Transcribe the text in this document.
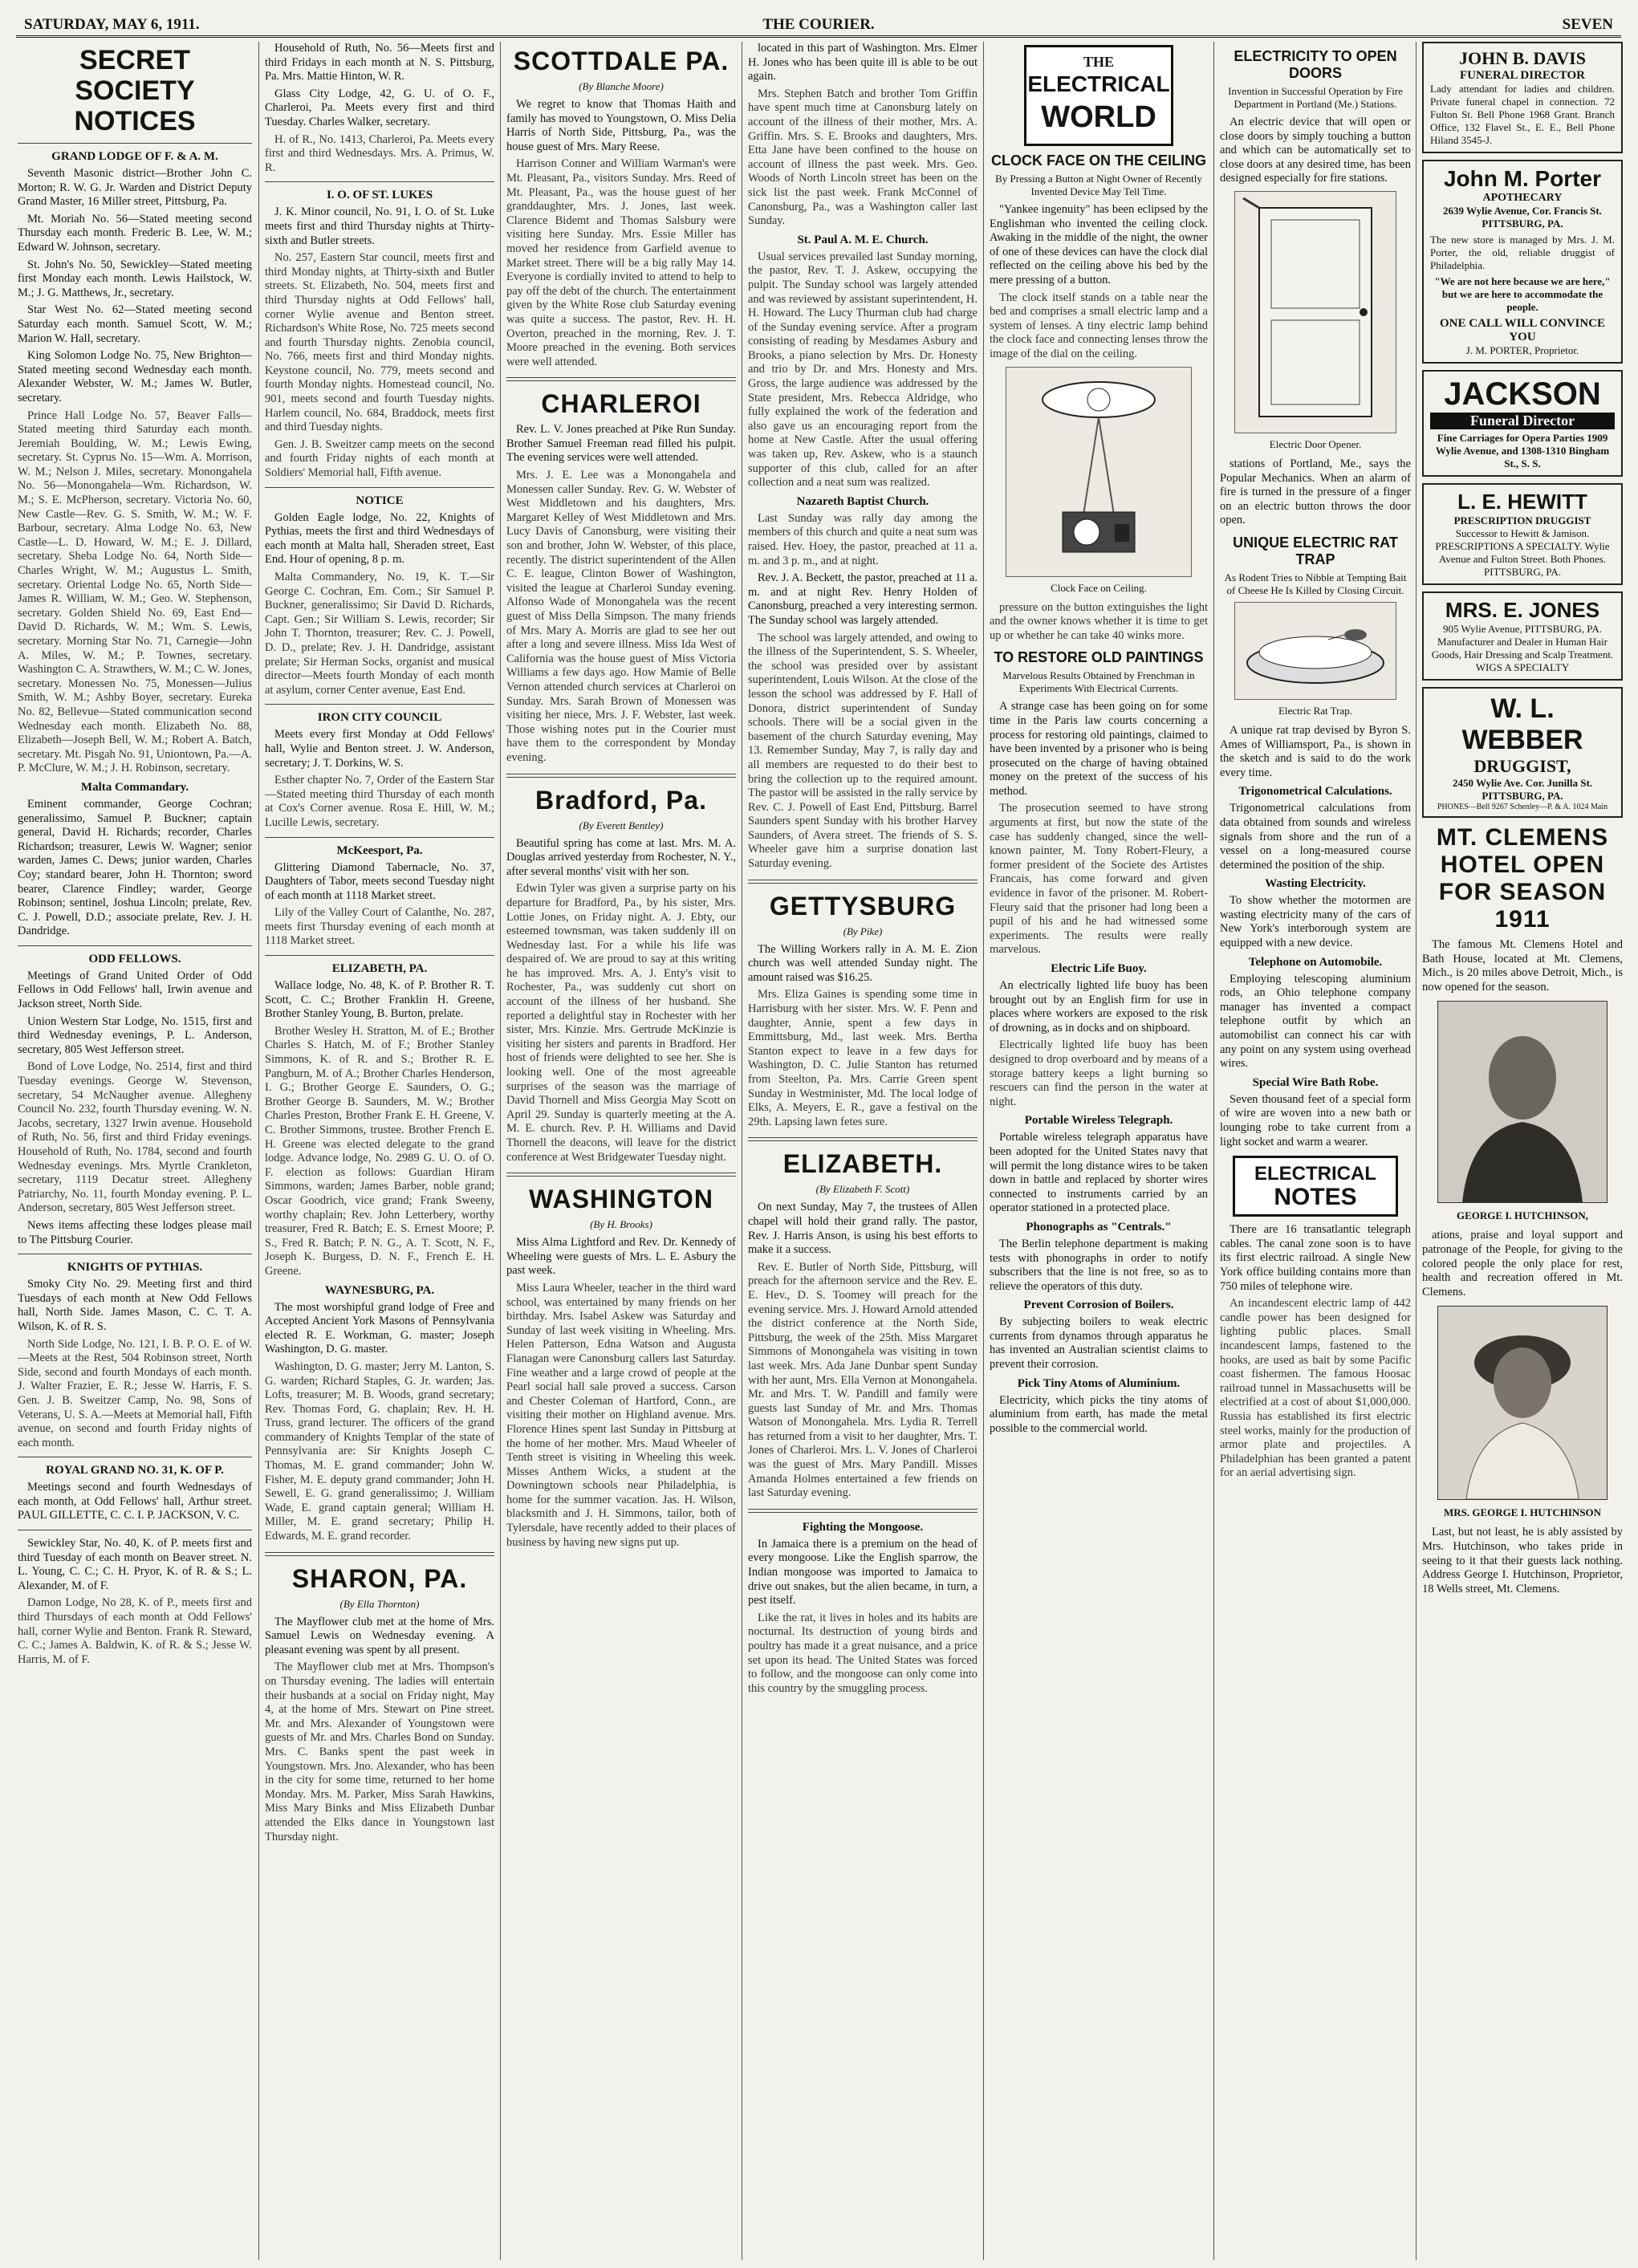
SATURDAY, MAY 6, 1911.	THE COURIER.	SEVEN
SECRET SOCIETY NOTICES
GRAND LODGE OF F. & A. M.

Seventh Masonic district—Brother John C. Morton; R. W. G. Jr. Warden and District Deputy Grand Master, 16 Miller street, Pittsburg, Pa.

Mt. Moriah No. 56—Stated meeting second Thursday each month. Frederic B. Lee, W. M.; Edward W. Johnson, secretary.

St. John's No. 50, Sewickley—Stated meeting first Monday each month. Lewis Hailstock, W. M.; J. G. Matthews, Jr., secretary.

Star West No. 62—Stated meeting second Saturday each month. Samuel Scott, W. M.; Marion W. Hall, secretary.

King Solomon Lodge No. 75, New Brighton—Stated meeting second Wednesday each month. Alexander Webster, W. M.; James W. Butler, secretary.

Prince Hall Lodge No. 57, Beaver Falls—Stated meeting third Saturday each month. Jeremiah Boulding, W. M.; Lewis Ewing, secretary. St. Cyprus No. 15—Wm. A. Morrison, W. M.; Nelson J. Miles, secretary. Monongahela No. 56—Monongahela—Wm. Richardson, W. M.; S. E. McPherson, secretary. Victoria No. 60, New Castle—Rev. G. S. Smith, W. M.; W. F. Barbour, secretary. Alma Lodge No. 63, New Castle—L. D. Howard, W. M.; E. J. Dillard, secretary. Sheba Lodge No. 64, North Side—Charles Wright, W. M.; Augustus L. Smith, secretary. Oriental Lodge No. 65, North Side—James R. William, W. M.; Geo. W. Stephenson, secretary. Golden Shield No. 69, East End—David D. Richards, W. M.; Wm. S. Lewis, secretary. Morning Star No. 71, Carnegie—John A. Miles, W. M.; P. Townes, secretary. Washington C. A. Strawthers, W. M.; C. W. Jones, secretary. Monessen No. 75, Monessen—Julius Smith, W. M.; Ashby Boyer, secretary. Eureka No. 82, Bellevue—Stated communication second Wednesday each month. Elizabeth No. 88, Elizabeth—Joseph Bell, W. M.; Robert A. Batch, secretary. Mt. Pisgah No. 91, Uniontown, Pa.—A. P. McClure, W. M.; J. H. Robinson, secretary.

Malta Commandary.

Eminent commander, George Cochran; generalissimo, Samuel P. Buckner; captain general, David H. Richards; recorder, Charles Richardson; treasurer, Lewis W. Wagner; senior warden, James C. Dews; junior warden, Charles Coy; standard bearer, John H. Thornton; sword bearer, Clarence Findley; warder, George Robinson; sentinel, Joshua Lincoln; prelate, Rev. C. J. Powell, D.D.; associate prelate, Rev. J. H. Dandridge.

ODD FELLOWS.

Meetings of Grand United Order of Odd Fellows in Odd Fellows' hall, Irwin avenue and Jackson street, North Side.

Union Western Star Lodge, No. 1515, first and third Wednesday evenings, P. L. Anderson, secretary, 805 West Jefferson street.

Bond of Love Lodge, No. 2514, first and third Tuesday evenings. George W. Stevenson, secretary, 54 McNaugher avenue. Allegheny Council No. 232, fourth Thursday evening. W. N. Jacobs, secretary, 1327 Irwin avenue. Household of Ruth, No. 56, first and third Friday evenings. Household of Ruth, No. 1784, second and fourth Wednesday evenings. Mrs. Myrtle Crankleton, secretary, 1119 Decatur street. Allegheny Patriarchy, No. 11, fourth Monday evening. P. L. Anderson, secretary, 805 West Jefferson street.

News items affecting these lodges please mail to The Pittsburg Courier.

KNIGHTS OF PYTHIAS.

Smoky City No. 29. Meeting first and third Tuesdays of each month at New Odd Fellows hall, North Side. James Mason, C. C. T. A. Wilson, K. of R. S.

North Side Lodge, No. 121, I. B. P. O. E. of W.—Meets at the Rest, 504 Robinson street, North Side, second and fourth Mondays of each month. J. Walter Frazier, E. R.; Jesse W. Harris, F. S. Gen. J. B. Sweitzer Camp, No. 98, Sons of Veterans, U. S. A.—Meets at Memorial hall, Fifth avenue, on second and fourth Friday nights of each month.

ROYAL GRAND NO. 31, K. OF P.

Meetings second and fourth Wednesdays of each month, at Odd Fellows' hall, Arthur street. PAUL GILLETTE, C. C. I. P. JACKSON, V. C.

Sewickley Star, No. 40, K. of P. meets first and third Tuesday of each month on Beaver street. N. L. Young, C. C.; C. H. Pryor, K. of R. & S.; L. Alexander, M. of F.

Damon Lodge, No 28, K. of P., meets first and third Thursdays of each month at Odd Fellows' hall, corner Wylie and Benton. Frank R. Steward, C. C.; James A. Baldwin, K. of R. & S.; Jesse W. Harris, M. of F.

Household of Ruth, No. 56—Meets first and third Fridays in each month at N. S. Pittsburg, Pa. Mrs. Mattie Hinton, W. R.

Glass City Lodge, 42, G. U. of O. F., Charleroi, Pa. Meets every first and third Tuesday. Charles Walker, secretary.

H. of R., No. 1413, Charleroi, Pa. Meets every first and third Wednesdays. Mrs. A. Primus, W. R.

I. O. OF ST. LUKES

J. K. Minor council, No. 91, I. O. of St. Luke meets first and third Thursday nights at Thirty-sixth and Butler streets.

No. 257, Eastern Star council, meets first and third Monday nights, at Thirty-sixth and Butler streets. St. Elizabeth, No. 504, meets first and third Thursday nights at Odd Fellows' hall, corner Wylie avenue and Benton street. Richardson's White Rose, No. 725 meets second and fourth Thursday nights. Zenobia council, No. 766, meets first and third Monday nights. Keystone council, No. 779, meets second and fourth Monday nights. Homestead council, No. 901, meets second and fourth Tuesday nights. Harlem council, No. 684, Braddock, meets first and third Tuesday nights.

Gen. J. B. Sweitzer camp meets on the second and fourth Friday nights of each month at Soldiers' Memorial hall, Fifth avenue.

NOTICE

Golden Eagle lodge, No. 22, Knights of Pythias, meets the first and third Wednesdays of each month at Malta hall, Sheraden street, East End. Hour of opening, 8 p. m.

Malta Commandery, No. 19, K. T.—Sir George C. Cochran, Em. Com.; Sir Samuel P. Buckner, generalissimo; Sir David D. Richards, Capt. Gen.; Sir William S. Lewis, recorder; Sir John T. Thornton, treasurer; Rev. C. J. Powell, D. D., prelate; Rev. J. H. Dandridge, assistant prelate; Sir Herman Socks, organist and musical director—Meets fourth Monday of each month at asylum, corner Center avenue, East End.

IRON CITY COUNCIL

Meets every first Monday at Odd Fellows' hall, Wylie and Benton street. J. W. Anderson, secretary; J. T. Dorkins, W. S.

Esther chapter No. 7, Order of the Eastern Star—Stated meeting third Thursday of each month at Cox's Corner avenue. Rosa E. Hill, W. M.; Lucille Lewis, secretary.

McKeesport, Pa.

Glittering Diamond Tabernacle, No. 37, Daughters of Tabor, meets second Tuesday night of each month at 1118 Market street.

Lily of the Valley Court of Calanthe, No. 287, meets first Thursday evening of each month at 1118 Market street.

ELIZABETH, PA.

Wallace lodge, No. 48, K. of P. Brother R. T. Scott, C. C.; Brother Franklin H. Greene, Brother Stanley Young, B. Burton, prelate.

Brother Wesley H. Stratton, M. of E.; Brother Charles S. Hatch, M. of F.; Brother Stanley Simmons, K. of R. and S.; Brother R. E. Pangburn, M. of A.; Brother Charles Henderson, I. G.; Brother George E. Saunders, O. G.; Brother George B. Saunders, M. W.; Brother Charles Preston, Brother Frank E. H. Greene, V. C. Brother Simmons, trustee. Brother French E. H. Greene was elected delegate to the grand lodge. Advance lodge, No. 2989 G. U. O. of O. F. election as follows: Guardian Hiram Simmons, warden; James Barber, noble grand; Oscar Goodrich, vice grand; Frank Sweeny, worthy chaplain; Rev. John Letterbery, worthy treasurer, Fred R. Batch; E. S. Ernest Moore; P. S., Fred R. Batch; P. N. G., A. T. Scott, N. F., Joseph K. Burgess, D. N. F., French E. H. Greene.

WAYNESBURG, PA.

The most worshipful grand lodge of Free and Accepted Ancient York Masons of Pennsylvania elected R. E. Workman, G. master; Joseph Washington, D. G. master.

Washington, D. G. master; Jerry M. Lanton, S. G. warden; Richard Staples, G. Jr. warden; Jas. Lofts, treasurer; M. B. Woods, grand secretary; Rev. Thomas Ford, G. chaplain; Rev. H. H. Truss, grand lecturer. The officers of the grand commandery of Knights Templar of the state of Pennsylvania are: Sir Knights Joseph C. Thomas, M. E. grand commander; John W. Fisher, M. E. deputy grand commander; John H. Sewell, E. G. grand generalissimo; J. William Wade, E. grand captain general; William H. Miller, M. E. grand secretary; Philip H. Edwards, M. E. grand recorder.

SHARON, PA.
(By Ella Thornton)

The Mayflower club met at the home of Mrs. Samuel Lewis on Wednesday evening. A pleasant evening was spent by all present.

The Mayflower club met at Mrs. Thompson's on Thursday evening. The ladies will entertain their husbands at a social on Friday night, May 4, at the home of Mrs. Stewart on Pine street. Mr. and Mrs. Alexander of Youngstown were guests of Mr. and Mrs. Charles Bond on Sunday. Mrs. C. Banks spent the past week in Youngstown. Mrs. Jno. Alexander, who has been in the city for some time, returned to her home Monday. Mrs. M. Parker, Miss Sarah Hawkins, Miss Mary Binks and Miss Elizabeth Dunbar attended the Elks dance in Youngstown last Thursday night.

SCOTTDALE PA.
(By Blanche Moore)

We regret to know that Thomas Haith and family has moved to Youngstown, O. Miss Delia Harris of North Side, Pittsburg, Pa., was the house guest of Mrs. Mary Reese.

Harrison Conner and William Warman's were Mt. Pleasant, Pa., visitors Sunday. Mrs. Reed of Mt. Pleasant, Pa., was the house guest of her granddaughter, Mrs. J. Jones, last week. Clarence Bidemt and Thomas Salsbury were visiting here Sunday. Mrs. Essie Miller has moved her residence from Garfield avenue to Market street. There will be a big rally May 14. Everyone is cordially invited to attend to help to pay off the debt of the church. The entertainment given by the White Rose club Saturday evening was quite a success. The pastor, Rev. H. H. Overton, preached in the morning, Rev. J. T. Moore preached in the evening. Both services were well attended.

CHARLEROI

Rev. L. V. Jones preached at Pike Run Sunday. Brother Samuel Freeman read filled his pulpit. The evening services were well attended.

Mrs. J. E. Lee was a Monongahela and Monessen caller Sunday. Rev. G. W. Webster of West Middletown and his daughters, Mrs. Margaret Kelley of West Middletown and Mrs. Lucy Davis of Canonsburg, were visiting their son and brother, John W. Webster, of this place, recently. The district superintendent of the Allen C. E. league, Clinton Bower of Washington, visited the league at Charleroi Sunday evening. Alfonso Wade of Monongahela was the recent guest of Miss Della Simpson. The many friends of Mrs. Mary A. Morris are glad to see her out after a long and severe illness. Miss Ida West of California was the house guest of Miss Victoria Williams a few days ago. How Mamie of Belle Vernon attended church services at Charleroi on Sunday. Mrs. Sarah Brown of Monessen was visiting her niece, Mrs. J. F. Webster, last week. Those wishing notes put in the Courier must have them to the correspondent by Monday evening.

Bradford, Pa.
(By Everett Bentley)

Beautiful spring has come at last. Mrs. M. A. Douglas arrived yesterday from Rochester, N. Y., after several months' visit with her son.

Edwin Tyler was given a surprise party on his departure for Bradford, Pa., by his sister, Mrs. Lottie Jones, on Friday night. A. J. Ebty, our esteemed townsman, was taken suddenly ill on Wednesday last. For a while his life was despaired of. We are proud to say at this writing he has improved. Mrs. A. J. Enty's visit to Rochester, Pa., was suddenly cut short on account of the illness of her husband. She reported a delightful stay in Rochester with her sister, Mrs. Kinzie. Mrs. Gertrude McKinzie is visiting her sisters and parents in Bradford. Her host of friends were delighted to see her. She is looking well. One of the most agreeable surprises of the season was the marriage of David Thornell and Miss Georgia May Scott on April 29. Sunday is quarterly meeting at the A. M. E. church. Rev. P. H. Williams and David Thornell the deacons, will leave for the district conference at West Bridgewater Tuesday night.

WASHINGTON
(By H. Brooks)

Miss Alma Lightford and Rev. Dr. Kennedy of Wheeling were guests of Mrs. L. E. Asbury the past week.

Miss Laura Wheeler, teacher in the third ward school, was entertained by many friends on her birthday. Mrs. Isabel Askew was Saturday and Sunday of last week visiting in Wheeling. Mrs. Helen Patterson, Edna Watson and Augusta Flanagan were Canonsburg callers last Saturday. Fine weather and a large crowd of people at the Pearl social hall sale proved a success. Carson and Chester Coleman of Hartford, Conn., are visiting their mother on Highland avenue. Mrs. Florence Hines spent last Sunday in Pittsburg at the home of her mother. Mrs. Maud Wheeler of Tenth street is visiting in Wheeling this week. Misses Anthem Wicks, a student at the Downingtown schools near Philadelphia, is home for the summer vacation. Jas. H. Wilson, blacksmith and J. H. Simmons, tailor, both of Tylersdale, have recently added to their places of business by having new signs put up.

located in this part of Washington. Mrs. Elmer H. Jones who has been quite ill is able to be out again.

Mrs. Stephen Batch and brother Tom Griffin have spent much time at Canonsburg lately on account of the illness of their mother, Mrs. A. Griffin. Mrs. S. E. Brooks and daughters, Mrs. Etta Jane have been confined to the house on account of illness the past week. Mrs. Geo. Woods of North Lincoln street has been on the sick list the past week. Frank McConnel of Canonsburg, Pa., was a Washington caller last Sunday.

St. Paul A. M. E. Church.

Usual services prevailed last Sunday morning, the pastor, Rev. T. J. Askew, occupying the pulpit. The Sunday school was largely attended and was reviewed by assistant superintendent, H. H. Howard. The Lucy Thurman club had charge of the Sunday evening service. After a program consisting of reading by Mesdames Asbury and Brooks, a piano selection by Mrs. Dr. Honesty and trio by Dr. and Mrs. Honesty and Mrs. Gross, the large audience was addressed by the State president, Mrs. Rebecca Aldridge, who fully explained the work of the federation and also gave us an encouraging report from the home at New Castle. After the usual offering was taken up, Rev. Askew, who is a staunch supporter of this club, called for an after collection and a neat sum was realized.

Nazareth Baptist Church.

Last Sunday was rally day among the members of this church and quite a neat sum was raised. Hev. Hoey, the pastor, preached at 11 a. m. and 3 p. m., and at night.

Rev. J. A. Beckett, the pastor, preached at 11 a. m. and at night Rev. Henry Holden of Canonsburg, preached a very interesting sermon. The Sunday school was largely attended.

The school was largely attended, and owing to the illness of the Superintendent, S. S. Wheeler, the school was presided over by assistant superintendent, Louis Wilson. At the close of the lesson the school was addressed by F. Hall of Donora, district superintendent of Sunday schools. There will be a social given in the basement of the church Saturday evening, May 13. Remember Sunday, May 7, is rally day and all members are requested to do their best to bring the collection up to the required amount. The pastor will be assisted in the rally service by Rev. C. J. Powell of East End, Pittsburg. Barrel Saunders spent Sunday with his brother Harvey Saunders, of Avera street. The friends of S. S. Wheeler gave him a surprise donation last Saturday evening.

GETTYSBURG
(By Pike)

The Willing Workers rally in A. M. E. Zion church was well attended Sunday night. The amount raised was $16.25.

Mrs. Eliza Gaines is spending some time in Harrisburg with her sister. Mrs. W. F. Penn and daughter, Annie, spent a few days in Emmittsburg, Md., last week. Mrs. Bertha Stanton expect to leave in a few days for Washington, D. C. Julie Stanton has returned from Steelton, Pa. Mrs. Carrie Green spent Sunday in Westminister, Md. The local lodge of Elks, A. Meyers, E. R., gave a festival on the 29th. Lapsing lawn fetes sure.

ELIZABETH.
(By Elizabeth F. Scott)

On next Sunday, May 7, the trustees of Allen chapel will hold their grand rally. The pastor, Rev. J. Harris Anson, is using his best efforts to make it a success.

Rev. E. Butler of North Side, Pittsburg, will preach for the afternoon service and the Rev. E. E. Hev., D. S. Toomey will preach for the evening service. Mrs. J. Howard Arnold attended the district conference at the North Side, Pittsburg, the week of the 25th. Miss Margaret Simmons of Monongahela was visiting in town last week. Mrs. Ada Jane Dunbar spent Sunday with her aunt, Mrs. Ella Vernon at Monongahela. Mr. and Mrs. T. W. Pandill and family were guests last Sunday of Mr. and Mrs. Thomas Watson of Monongahela. Mrs. Lydia R. Terrell has returned from a visit to her daughter, Mrs. T. Jones of Charleroi. Mrs. L. V. Jones of Charleroi was the guest of Mrs. Mary Pandill. Misses Amanda Holmes entertained a few friends on last Saturday evening.

Fighting the Mongoose.

In Jamaica there is a premium on the head of every mongoose. Like the English sparrow, the Indian mongoose was imported to Jamaica to drive out snakes, but the alien became, in turn, a pest itself.

Like the rat, it lives in holes and its habits are nocturnal. Its destruction of young birds and poultry has made it a great nuisance, and a price set upon its head. The United States was forced to follow, and the mongoose can only come into this country by the smuggling process.

THE
ELECTRICAL
WORLD
CLOCK FACE ON THE CEILING
By Pressing a Button at Night Owner of Recently Invented Device May Tell Time.

"Yankee ingenuity" has been eclipsed by the Englishman who invented the ceiling clock. Awaking in the middle of the night, the owner of one of these devices can have the clock dial reflected on the ceiling above his bed by the mere pressing of a button.

The clock itself stands on a table near the bed and comprises a small electric lamp and a system of lenses. A tiny electric lamp behind the clock face and connecting lenses throw the image of the dial on the ceiling.

Clock Face on Ceiling.

pressure on the button extinguishes the light and the owner knows whether it is time to get up or whether he can take 40 winks more.

TO RESTORE OLD PAINTINGS
Marvelous Results Obtained by Frenchman in Experiments With Electrical Currents.

A strange case has been going on for some time in the Paris law courts concerning a process for restoring old paintings, claimed to have been invented by a prisoner who is being prosecuted on the charge of having obtained money on the pretext of the success of his method.

The prosecution seemed to have strong arguments at first, but now the state of the case has suddenly changed, since the well-known painter, M. Tony Robert-Fleury, a former president of the Societe des Artistes Francais, has come forward and given evidence in favor of the prisoner. M. Robert-Fleury said that the prisoner had long been a pupil of his and he had witnessed some experiments. The results were really marvelous.

Electric Life Buoy.

An electrically lighted life buoy has been brought out by an English firm for use in places where workers are exposed to the risk of drowning, as in docks and on shipboard.

Electrically lighted life buoy has been designed to drop overboard and by means of a storage battery keeps a light burning so rescuers can find the person in the water at night.

Portable Wireless Telegraph.

Portable wireless telegraph apparatus have been adopted for the United States navy that will permit the long distance wires to be taken down in battle and replaced by shorter wires connected to instruments carried by an operator stationed in a protected place.

Phonographs as "Centrals."

The Berlin telephone department is making tests with phonographs in order to notify subscribers that the line is not free, so as to relieve the operators of this duty.

Prevent Corrosion of Boilers.

By subjecting boilers to weak electric currents from dynamos through apparatus he has invented an Australian scientist claims to prevent their corrosion.

Pick Tiny Atoms of Aluminium.

Electricity, which picks the tiny atoms of aluminium from earth, has made the metal possible to the commercial world.

ELECTRICITY TO OPEN DOORS
Invention in Successful Operation by Fire Department in Portland (Me.) Stations.

An electric device that will open or close doors by simply touching a button and which can be automatically set to close doors at any desired time, has been designed especially for fire stations.

Electric Door Opener.

stations of Portland, Me., says the Popular Mechanics. When an alarm of fire is turned in the pressure of a finger on an electric button throws the door open.

UNIQUE ELECTRIC RAT TRAP
As Rodent Tries to Nibble at Tempting Bait of Cheese He Is Killed by Closing Circuit.
Electric Rat Trap.

A unique rat trap devised by Byron S. Ames of Williamsport, Pa., is shown in the sketch and is said to do the work every time.

Trigonometrical Calculations.

Trigonometrical calculations from data obtained from sounds and wireless signals from shore and the run of a vessel on a long-measured course determined the position of the ship.

Wasting Electricity.

To show whether the motormen are wasting electricity many of the cars of New York's interborough system are equipped with a new device.

Telephone on Automobile.

Employing telescoping aluminium rods, an Ohio telephone company manager has invented a compact telephone outfit by which an automobilist can connect his car with any point on any system using overhead wires.

Special Wire Bath Robe.

Seven thousand feet of a special form of wire are woven into a new bath or lounging robe to take current from a light socket and warm a wearer.

ELECTRICAL
NOTES

There are 16 transatlantic telegraph cables. The canal zone soon is to have its first electric railroad. A single New York office building contains more than 750 miles of telephone wire.

An incandescent electric lamp of 442 candle power has been designed for lighting public places. Small incandescent lamps, fastened to the hooks, are used as bait by some Pacific coast fishermen. The famous Hoosac railroad tunnel in Massachusetts will be electrified at a cost of about $1,000,000. Russia has established its first electric steel works, mainly for the production of armor plate and projectiles. A Philadelphian has been granted a patent for an aerial advertising sign.

JOHN B. DAVIS
FUNERAL DIRECTOR
Lady attendant for ladies and children. Private funeral chapel in connection. 72 Fulton St. Bell Phone 1968 Grant. Branch Office, 132 Flavel St., E. E., Bell Phone Hiland 3545-J.
John M. Porter
APOTHECARY
2639 Wylie Avenue, Cor. Francis St. PITTSBURG, PA.
The new store is managed by Mrs. J. M. Porter, the old, reliable druggist of Philadelphia.
"We are not here because we are here," but we are here to accommodate the people.
ONE CALL WILL CONVINCE YOU
J. M. PORTER, Proprietor.
JACKSON
Funeral Director
Fine Carriages for Opera Parties 1909 Wylie Avenue, and 1308-1310 Bingham St., S. S.
L. E. HEWITT
PRESCRIPTION DRUGGIST
Successor to Hewitt & Jamison. PRESCRIPTIONS A SPECIALTY. Wylie Avenue and Fulton Street. Both Phones. PITTSBURG, PA.
MRS. E. JONES
905 Wylie Avenue, PITTSBURG, PA. Manufacturer and Dealer in Human Hair Goods, Hair Dressing and Scalp Treatment. WIGS A SPECIALTY
W. L. WEBBER
DRUGGIST,
2450 Wylie Ave. Cor. Junilla St. PITTSBURG, PA.
PHONES—Bell 9267 Schenley—P. & A. 1024 Main
MT. CLEMENS HOTEL OPEN FOR SEASON 1911

The famous Mt. Clemens Hotel and Bath House, located at Mt. Clemens, Mich., is 20 miles above Detroit, Mich., is now opened for the season.

GEORGE I. HUTCHINSON,

ations, praise and loyal support and patronage of the People, for giving to the colored people the only place for rest, health and recreation offered in Mt. Clemens.

MRS. GEORGE I. HUTCHINSON

Last, but not least, he is ably assisted by Mrs. Hutchinson, who takes pride in seeing to it that their guests lack nothing. Address George I. Hutchinson, Proprietor, 18 Wells street, Mt. Clemens.
